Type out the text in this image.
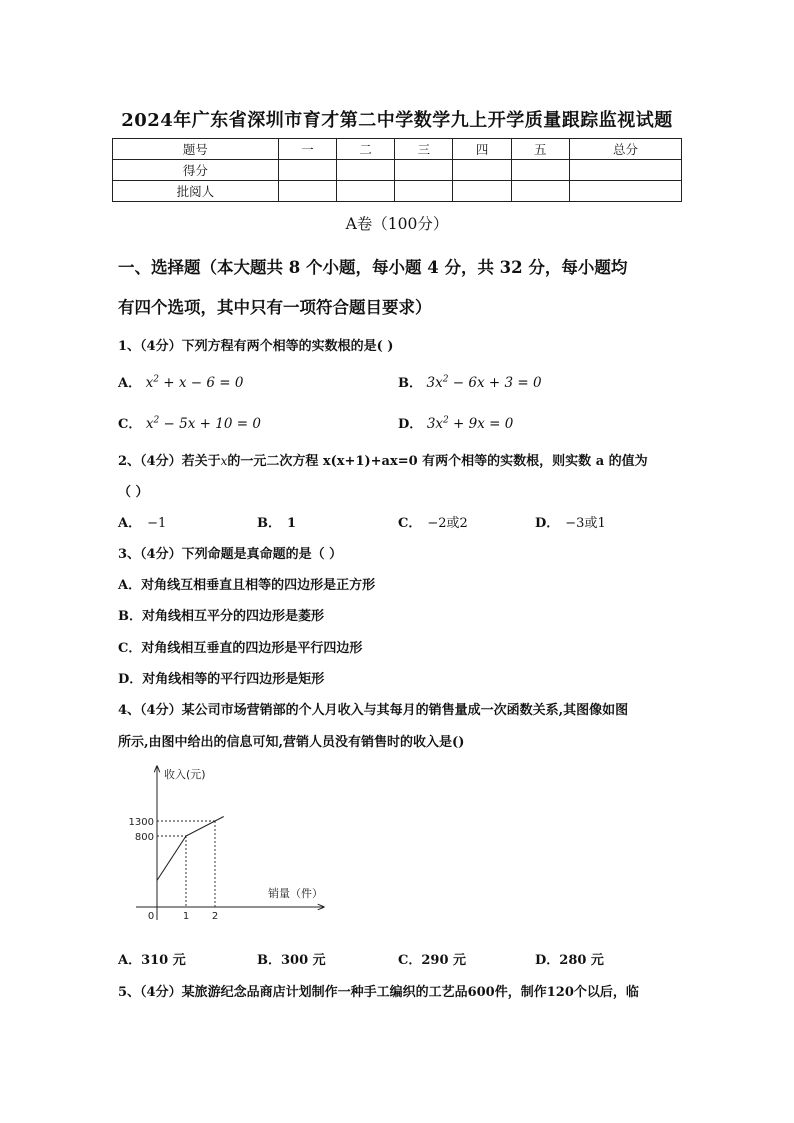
2024年广东省深圳市育才第二中学数学九上开学质量跟踪监视试题
题号	一	二	三	四	五	总分
得分						
批阅人						
A卷（100分）
一、选择题（本大题共 8 个小题，每小题 4 分，共 32 分，每小题均
有四个选项，其中只有一项符合题目要求）
1、（4分）下列方程有两个相等的实数根的是( )
A． $x^2 + x - 6 = 0$	B． $3x^2 - 6x + 3 = 0$
C． $x^2 - 5x + 10 = 0$	D． $3x^2 + 9x = 0$
2、（4分）若关于x的一元二次方程 x(x+1)+ax=0 有两个相等的实数根，则实数 a 的值为
（ ）
A． −1	B． 1	C． −2或2	D． −3或1
3、（4分）下列命题是真命题的是（ ）
A．对角线互相垂直且相等的四边形是正方形
B．对角线相互平分的四边形是菱形
C．对角线相互垂直的四边形是平行四边形
D．对角线相等的平行四边形是矩形
4、（4分）某公司市场营销部的个人月收入与其每月的销售量成一次函数关系,其图像如图
所示,由图中给出的信息可知,营销人员没有销售时的收入是()
收入(元)
销量（件）
0	1 2
800
1300
A．310 元	B．300 元	C．290 元	D．280 元
5、（4分）某旅游纪念品商店计划制作一种手工编织的工艺品600件，制作120个以后，临
